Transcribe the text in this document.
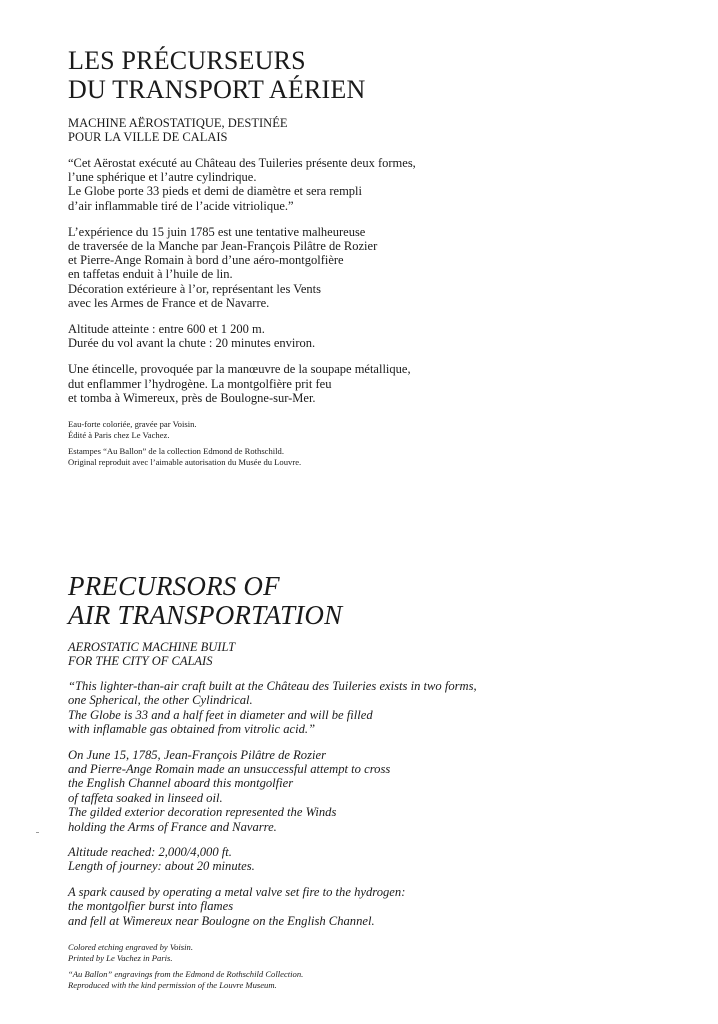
LES PRÉCURSEURS
DU TRANSPORT AÉRIEN
MACHINE AËROSTATIQUE, DESTINÉE
POUR LA VILLE DE CALAIS
“Cet Aërostat exécuté au Château des Tuileries présente deux formes,
l’une sphérique et l’autre cylindrique.
Le Globe porte 33 pieds et demi de diamètre et sera rempli
d’air inflammable tiré de l’acide vitriolique.”
L’expérience du 15 juin 1785 est une tentative malheureuse
de traversée de la Manche par Jean-François Pilâtre de Rozier
et Pierre-Ange Romain à bord d’une aéro-montgolfière
en taffetas enduit à l’huile de lin.
Décoration extérieure à l’or, représentant les Vents
avec les Armes de France et de Navarre.
Altitude atteinte : entre 600 et 1 200 m.
Durée du vol avant la chute : 20 minutes environ.
Une étincelle, provoquée par la manœuvre de la soupape métallique,
dut enflammer l’hydrogène. La montgolfière prit feu
et tomba à Wimereux, près de Boulogne-sur-Mer.
Eau-forte coloriée, gravée par Voisin.
Édité à Paris chez Le Vachez.
Estampes “Au Ballon” de la collection Edmond de Rothschild.
Original reproduit avec l’aimable autorisation du Musée du Louvre.
PRECURSORS OF
AIR TRANSPORTATION
AEROSTATIC MACHINE BUILT
FOR THE CITY OF CALAIS
“This lighter-than-air craft built at the Château des Tuileries exists in two forms,
one Spherical, the other Cylindrical.
The Globe is 33 and a half feet in diameter and will be filled
with inflamable gas obtained from vitrolic acid.”
On June 15, 1785, Jean-François Pilâtre de Rozier
and Pierre-Ange Romain made an unsuccessful attempt to cross
the English Channel aboard this montgolfier
of taffeta soaked in linseed oil.
The gilded exterior decoration represented the Winds
holding the Arms of France and Navarre.
Altitude reached: 2,000/4,000 ft.
Length of journey: about 20 minutes.
A spark caused by operating a metal valve set fire to the hydrogen:
the montgolfier burst into flames
and fell at Wimereux near Boulogne on the English Channel.
Colored etching engraved by Voisin.
Printed by Le Vachez in Paris.
“Au Ballon” engravings from the Edmond de Rothschild Collection.
Reproduced with the kind permission of the Louvre Museum.
